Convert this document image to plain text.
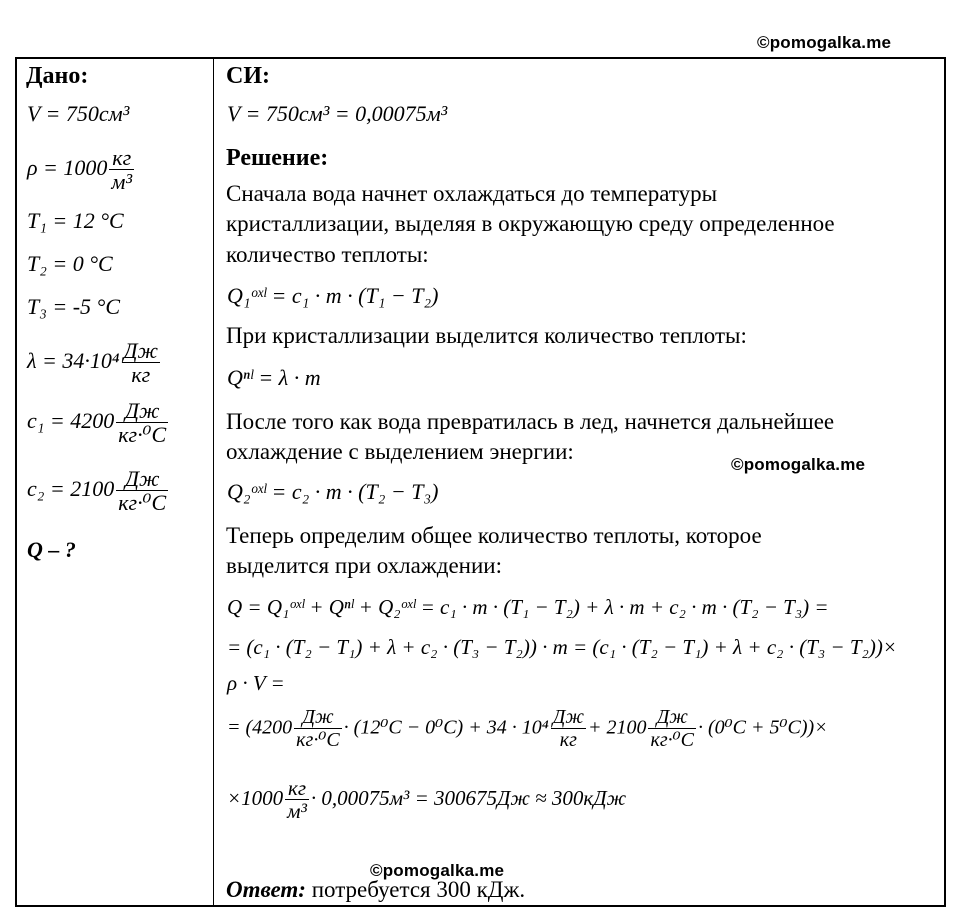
©pomogalka.me
©pomogalka.me
©pomogalka.me
Дано:
V = 750см³
$\rho = 1000 \frac{кг}{\text{м³}}$
T₁ = 12 °C
T₂ = 0 °C
T₃ = -5 °C
$\lambda = 34\cdot 10^4 \frac{Дж}{кг}$
$c_1 = 4200 \frac{Дж}{\text{кг·⁰C}}$
$c_2 = 2100 \frac{Дж}{\text{кг·⁰C}}$
Q – ?
СИ:
V = 750см³ = 0,00075м³
Решение:
Сначала вода начнет охлаждаться до температуры
кристаллизации, выделяя в окружающую среду определенное
количество теплоты:
Q₁ᵒˣˡ = c₁ · m · (T₁ − T₂)
При кристаллизации выделится количество теплоты:
Qⁿˡ = λ · m
После того как вода превратилась в лед, начнется дальнейшее
охлаждение с выделением энергии:
Q₂ᵒˣˡ = c₂ · m · (T₂ − T₃)
Теперь определим общее количество теплоты, которое
выделится при охлаждении:
Q = Q₁ᵒˣˡ + Qⁿˡ + Q₂ᵒˣˡ = c₁ · m · (T₁ − T₂) + λ · m + c₂ · m · (T₂ − T₃) =
= (c₁ · (T₂ − T₁) + λ + c₂ · (T₃ − T₂)) · m = (c₁ · (T₂ − T₁) + λ + c₂ · (T₃ − T₂))×
ρ · V =
= $(4200 \frac{Дж}{\text{кг·⁰C}} \cdot (12^0C - 0^0C) + 34 \cdot 10^4 \frac{Дж}{кг} + 2100 \frac{Дж}{\text{кг·⁰C}} \cdot (0^0C + 5^0C))\times$
$\times 1000 \frac{кг}{\text{м³}} \cdot 0,00075м^3 = 300675Дж \approx 300кДж$
Ответ: потребуется 300 кДж.
